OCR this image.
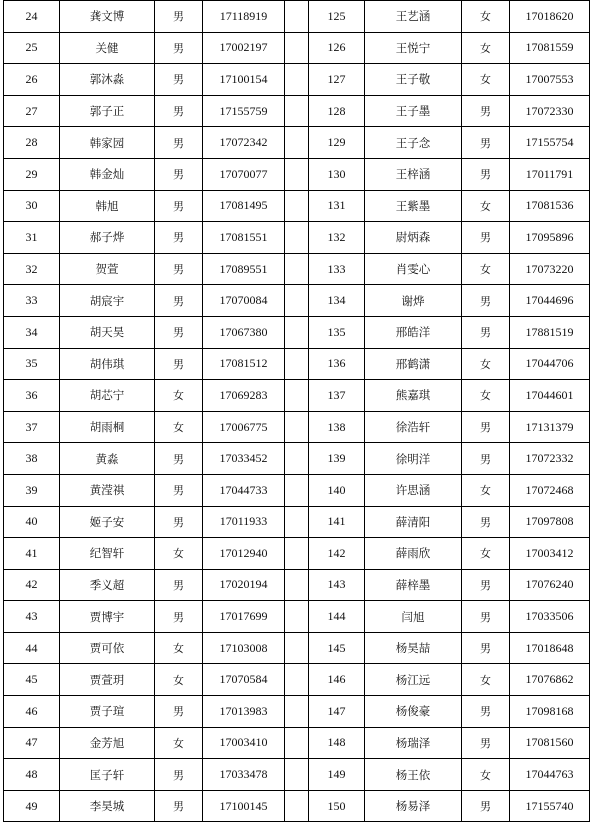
24	龚文博	男	17118919		125	王艺涵	女	17018620
25	关健	男	17002197		126	王悦宁	女	17081559
26	郭沐淼	男	17100154		127	王子敬	女	17007553
27	郭子正	男	17155759		128	王子墨	男	17072330
28	韩家园	男	17072342		129	王子念	男	17155754
29	韩金灿	男	17070077		130	王梓涵	男	17011791
30	韩旭	男	17081495		131	王紫墨	女	17081536
31	郝子烨	男	17081551		132	尉炳森	男	17095896
32	贺萱	男	17089551		133	肖雯心	女	17073220
33	胡宸宇	男	17070084		134	谢烨	男	17044696
34	胡天昊	男	17067380		135	邢皓洋	男	17881519
35	胡伟琪	男	17081512		136	邢鹤潇	女	17044706
36	胡芯宁	女	17069283		137	熊嘉琪	女	17044601
37	胡雨桐	女	17006775		138	徐浩轩	男	17131379
38	黄淼	男	17033452		139	徐明洋	男	17072332
39	黄滢祺	男	17044733		140	许思涵	女	17072468
40	姬子安	男	17011933		141	薛清阳	男	17097808
41	纪智轩	女	17012940		142	薛雨欣	女	17003412
42	季义超	男	17020194		143	薛梓墨	男	17076240
43	贾博宇	男	17017699		144	闫旭	男	17033506
44	贾可依	女	17103008		145	杨昊喆	男	17018648
45	贾萱玥	女	17070584		146	杨江远	女	17076862
46	贾子瑄	男	17013983		147	杨俊豪	男	17098168
47	金芳旭	女	17003410		148	杨瑞泽	男	17081560
48	匡子轩	男	17033478		149	杨王依	女	17044763
49	李昊城	男	17100145		150	杨易泽	男	17155740
